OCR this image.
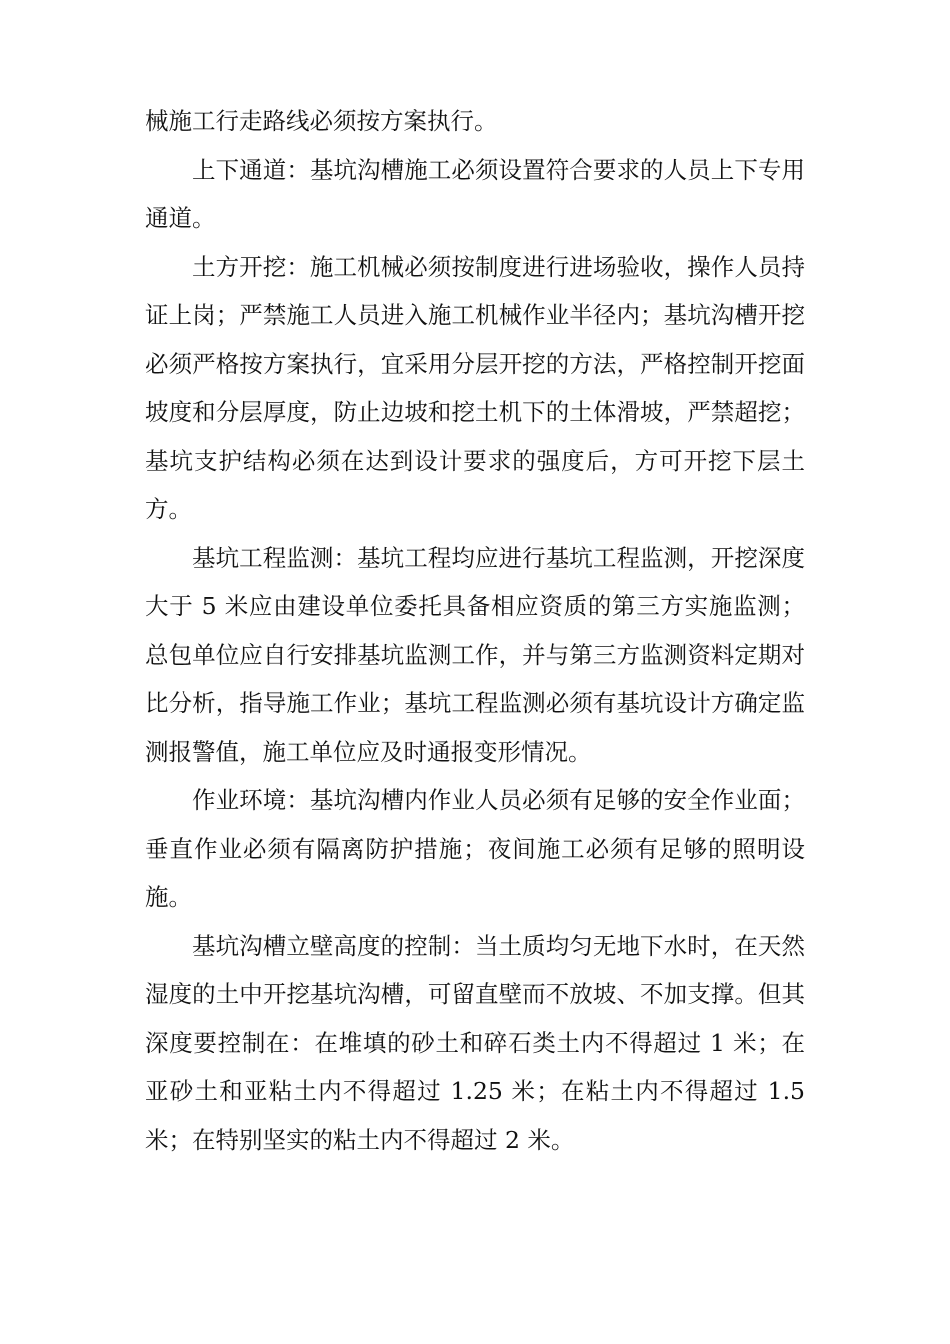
械施工行走路线必须按方案执行。

上下通道：基坑沟槽施工必须设置符合要求的人员上下专用通道。

土方开挖：施工机械必须按制度进行进场验收，操作人员持证上岗；严禁施工人员进入施工机械作业半径内；基坑沟槽开挖必须严格按方案执行，宜采用分层开挖的方法，严格控制开挖面坡度和分层厚度，防止边坡和挖土机下的土体滑坡，严禁超挖；基坑支护结构必须在达到设计要求的强度后，方可开挖下层土方。

基坑工程监测：基坑工程均应进行基坑工程监测，开挖深度大于 5 米应由建设单位委托具备相应资质的第三方实施监测；总包单位应自行安排基坑监测工作，并与第三方监测资料定期对比分析，指导施工作业；基坑工程监测必须有基坑设计方确定监测报警值，施工单位应及时通报变形情况。

作业环境：基坑沟槽内作业人员必须有足够的安全作业面；垂直作业必须有隔离防护措施；夜间施工必须有足够的照明设施。

基坑沟槽立壁高度的控制：当土质均匀无地下水时，在天然湿度的土中开挖基坑沟槽，可留直壁而不放坡、不加支撑。但其深度要控制在：在堆填的砂土和碎石类土内不得超过 1 米；在亚砂土和亚粘土内不得超过 1.25 米；在粘土内不得超过 1.5 米；在特别坚实的粘土内不得超过 2 米。
